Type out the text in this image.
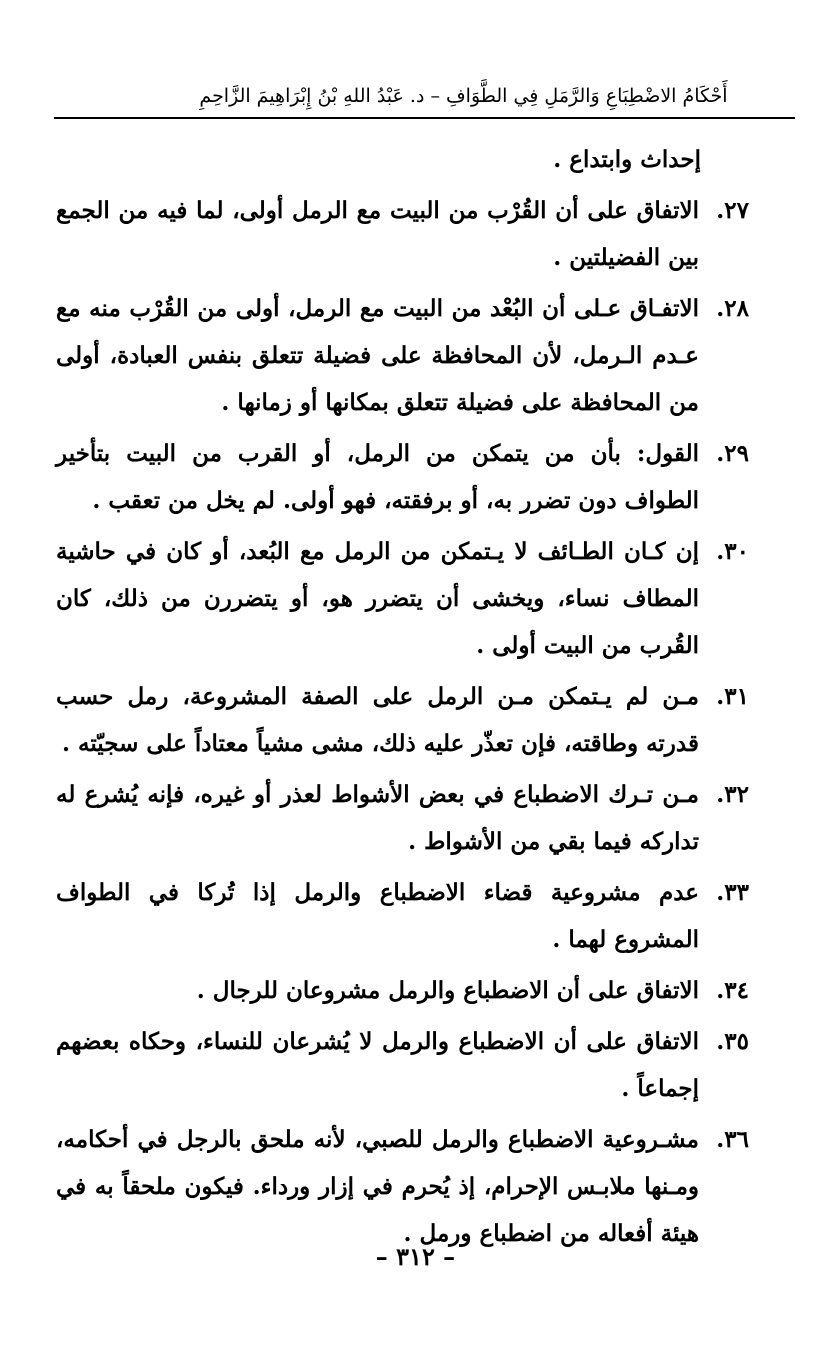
أَحْكَامُ الاضْطِبَاعِ وَالرَّمَلِ فِي الطَّوَافِ – د. عَبْدُ اللهِ بْنُ إِبْرَاهِيمَ الزَّاحِمِ

إحداث وابتداع .

٢٧.
الاتفاق على أن القُرْب من البيت مع الرمل أولى، لما فيه من الجمع بين الفضيلتين .
٢٨.
الاتفـاق عـلى أن البُعْد من البيت مع الرمل، أولى من القُرْب منه مع عـدم الـرمل، لأن المحافظة على فضيلة تتعلق بنفس العبادة، أولى من المحافظة على فضيلة تتعلق بمكانها أو زمانها .
٢٩.
القول: بأن من يتمكن من الرمل، أو القرب من البيت بتأخير الطواف دون تضرر به، أو برفقته، فهو أولى. لم يخل من تعقب .
٣٠.
إن كـان الطـائف لا يـتمكن من الرمل مع البُعد، أو كان في حاشية المطاف نساء، ويخشى أن يتضرر هو، أو يتضررن من ذلك، كان القُرب من البيت أولى .
٣١.
مـن لم يـتمكن مـن الرمل على الصفة المشروعة، رمل حسب قدرته وطاقته، فإن تعذّر عليه ذلك، مشى مشياً معتاداً على سجيّته .
٣٢.
مـن تـرك الاضطباع في بعض الأشواط لعذر أو غيره، فإنه يُشرع له تداركه فيما بقي من الأشواط .
٣٣.
عدم مشروعية قضاء الاضطباع والرمل إذا تُركا في الطواف المشروع لهما .
٣٤.
الاتفاق على أن الاضطباع والرمل مشروعان للرجال .
٣٥.
الاتفاق على أن الاضطباع والرمل لا يُشرعان للنساء، وحكاه بعضهم إجماعاً .
٣٦.
مشـروعية الاضطباع والرمل للصبي، لأنه ملحق بالرجل في أحكامه، ومـنها ملابـس الإحرام، إذ يُحرم في إزار ورداء. فيكون ملحقاً به في هيئة أفعاله من اضطباع ورمل .
– ٣١٢ –
